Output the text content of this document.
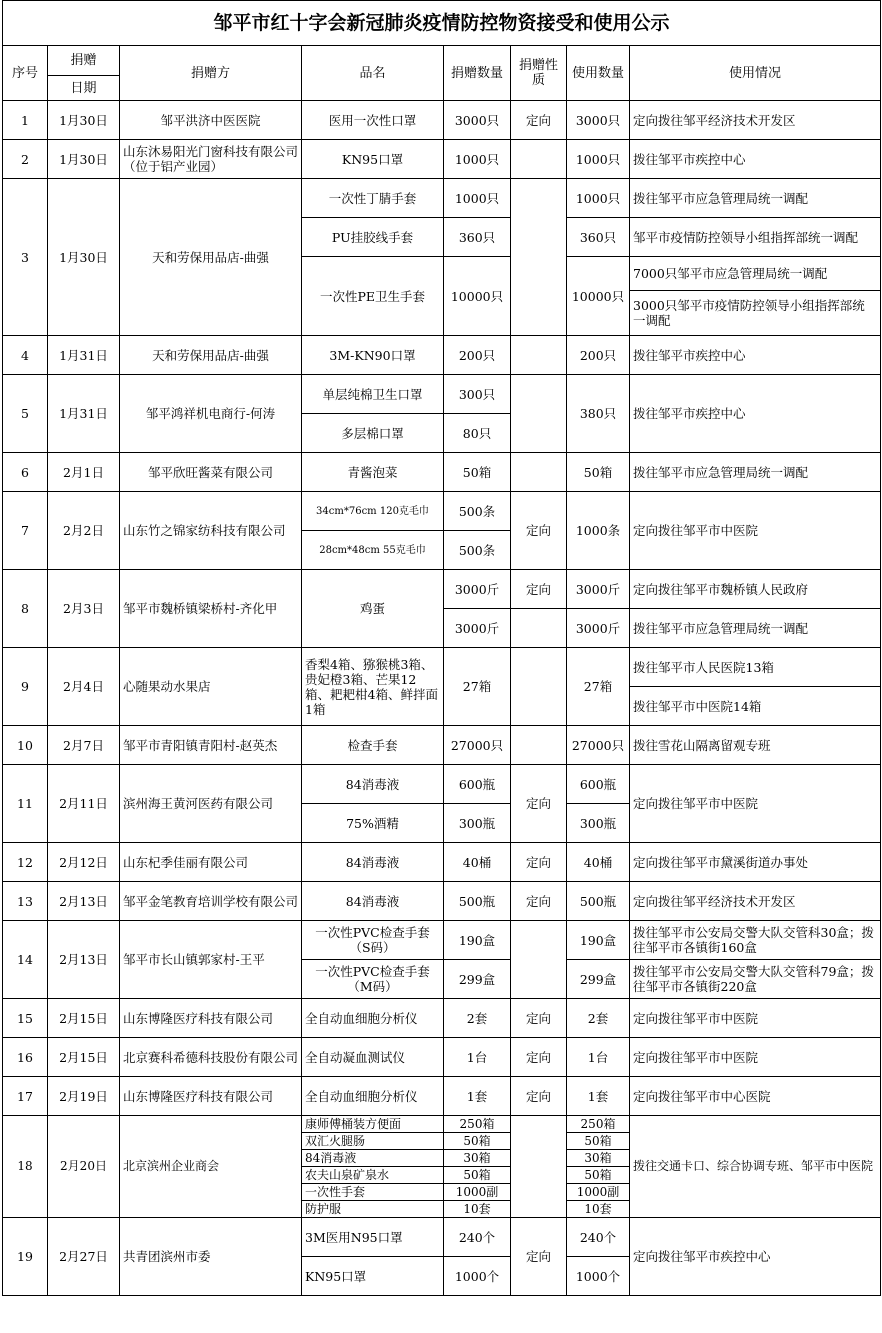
邹平市红十字会新冠肺炎疫情防控物资接受和使用公示							
序号	捐赠	捐赠方	品名	捐赠数量	捐赠性质	使用数量	使用情况
	日期						
1	1月30日	邹平洪济中医医院	医用一次性口罩	3000只	定向	3000只	定向拨往邹平经济技术开发区
2	1月30日	山东沐易阳光门窗科技有限公司（位于铝产业园）	KN95口罩	1000只		1000只	拨往邹平市疾控中心
3	1月30日	天和劳保用品店-曲强	一次性丁腈手套	1000只		1000只	拨往邹平市应急管理局统一调配
			PU挂胶线手套	360只		360只	邹平市疫情防控领导小组指挥部统一调配
			一次性PE卫生手套	10000只		10000只	7000只邹平市应急管理局统一调配
							3000只邹平市疫情防控领导小组指挥部统一调配
4	1月31日	天和劳保用品店-曲强	3M-KN90口罩	200只		200只	拨往邹平市疾控中心
5	1月31日	邹平鸿祥机电商行-何涛	单层纯棉卫生口罩	300只		380只	拨往邹平市疾控中心
			多层棉口罩	80只			
6	2月1日	邹平欣旺酱菜有限公司	青酱泡菜	50箱		50箱	拨往邹平市应急管理局统一调配
7	2月2日	山东竹之锦家纺科技有限公司	34cm*76cm 120克毛巾	500条	定向	1000条	定向拨往邹平市中医院
			28cm*48cm 55克毛巾	500条			
8	2月3日	邹平市魏桥镇梁桥村-齐化甲	鸡蛋	3000斤	定向	3000斤	定向拨往邹平市魏桥镇人民政府
				3000斤		3000斤	拨往邹平市应急管理局统一调配
9	2月4日	心随果动水果店	香梨4箱、猕猴桃3箱、贵妃橙3箱、芒果12箱、耙耙柑4箱、鲜拌面1箱	27箱		27箱	拨往邹平市人民医院13箱
							拨往邹平市中医院14箱
10	2月7日	邹平市青阳镇青阳村-赵英杰	检查手套	27000只		27000只	拨往雪花山隔离留观专班
11	2月11日	滨州海王黄河医药有限公司	84消毒液	600瓶	定向	600瓶	定向拨往邹平市中医院
			75%酒精	300瓶		300瓶	
12	2月12日	山东杞季佳丽有限公司	84消毒液	40桶	定向	40桶	定向拨往邹平市黛溪街道办事处
13	2月13日	邹平金笔教育培训学校有限公司	84消毒液	500瓶	定向	500瓶	定向拨往邹平经济技术开发区
14	2月13日	邹平市长山镇郭家村-王平	一次性PVC检查手套（S码）	190盒		190盒	拨往邹平市公安局交警大队交管科30盒；拨往邹平市各镇街160盒
			一次性PVC检查手套（M码）	299盒		299盒	拨往邹平市公安局交警大队交管科79盒；拨往邹平市各镇街220盒
15	2月15日	山东博隆医疗科技有限公司	全自动血细胞分析仪	2套	定向	2套	定向拨往邹平市中医院
16	2月15日	北京赛科希德科技股份有限公司	全自动凝血测试仪	1台	定向	1台	定向拨往邹平市中医院
17	2月19日	山东博隆医疗科技有限公司	全自动血细胞分析仪	1套	定向	1套	定向拨往邹平市中心医院
18	2月20日	北京滨州企业商会	康师傅桶装方便面	250箱		250箱	拨往交通卡口、综合协调专班、邹平市中医院
			双汇火腿肠	50箱		50箱	
			84消毒液	30箱		30箱	
			农夫山泉矿泉水	50箱		50箱	
			一次性手套	1000副		1000副	
			防护服	10套		10套	
19	2月27日	共青团滨州市委	3M医用N95口罩	240个	定向	240个	定向拨往邹平市疾控中心
			KN95口罩	1000个		1000个	
